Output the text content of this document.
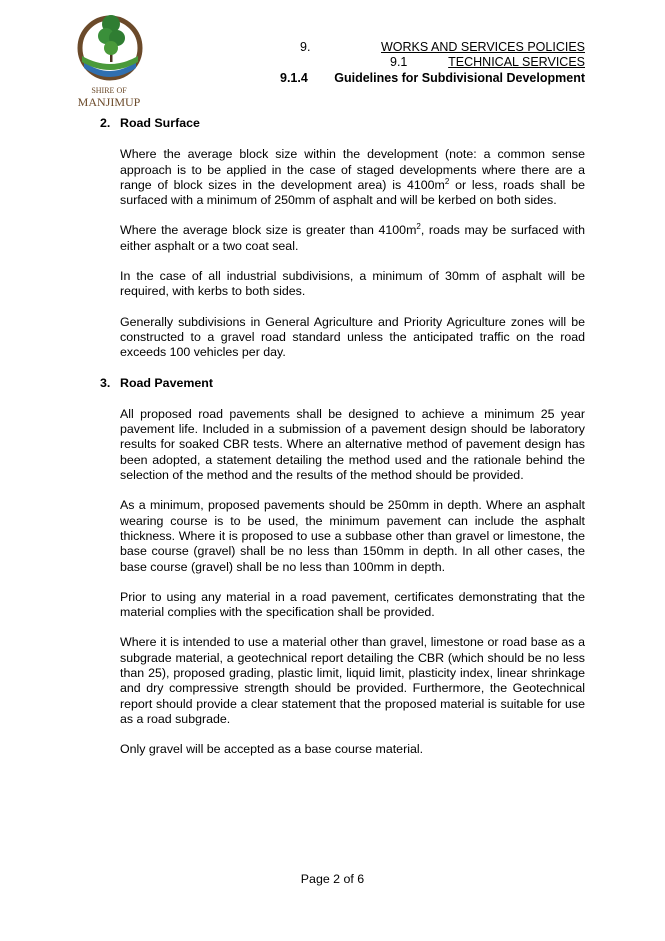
SHIRE OF
MANJIMUP
9.	WORKS AND SERVICES POLICIES
9.1	TECHNICAL SERVICES
9.1.4 Guidelines for Subdivisional Development
2. Road Surface

Where the average block size within the development (note: a common sense approach is to be applied in the case of staged developments where there are a range of block sizes in the development area) is $4100m^2$ or less, roads shall be surfaced with a minimum of 250mm of asphalt and will be kerbed on both sides.

Where the average block size is greater than $4100m^2$, roads may be surfaced with either asphalt or a two coat seal.

In the case of all industrial subdivisions, a minimum of 30mm of asphalt will be required, with kerbs to both sides.

Generally subdivisions in General Agriculture and Priority Agriculture zones will be constructed to a gravel road standard unless the anticipated traffic on the road exceeds 100 vehicles per day.

3. Road Pavement

All proposed road pavements shall be designed to achieve a minimum 25 year pavement life. Included in a submission of a pavement design should be laboratory results for soaked CBR tests. Where an alternative method of pavement design has been adopted, a statement detailing the method used and the rationale behind the selection of the method and the results of the method should be provided.

As a minimum, proposed pavements should be 250mm in depth. Where an asphalt wearing course is to be used, the minimum pavement can include the asphalt thickness. Where it is proposed to use a subbase other than gravel or limestone, the base course (gravel) shall be no less than 150mm in depth. In all other cases, the base course (gravel) shall be no less than 100mm in depth.

Prior to using any material in a road pavement, certificates demonstrating that the material complies with the specification shall be provided.

Where it is intended to use a material other than gravel, limestone or road base as a subgrade material, a geotechnical report detailing the CBR (which should be no less than 25), proposed grading, plastic limit, liquid limit, plasticity index, linear shrinkage and dry compressive strength should be provided. Furthermore, the Geotechnical report should provide a clear statement that the proposed material is suitable for use as a road subgrade.

Only gravel will be accepted as a base course material.

Page 2 of 6
